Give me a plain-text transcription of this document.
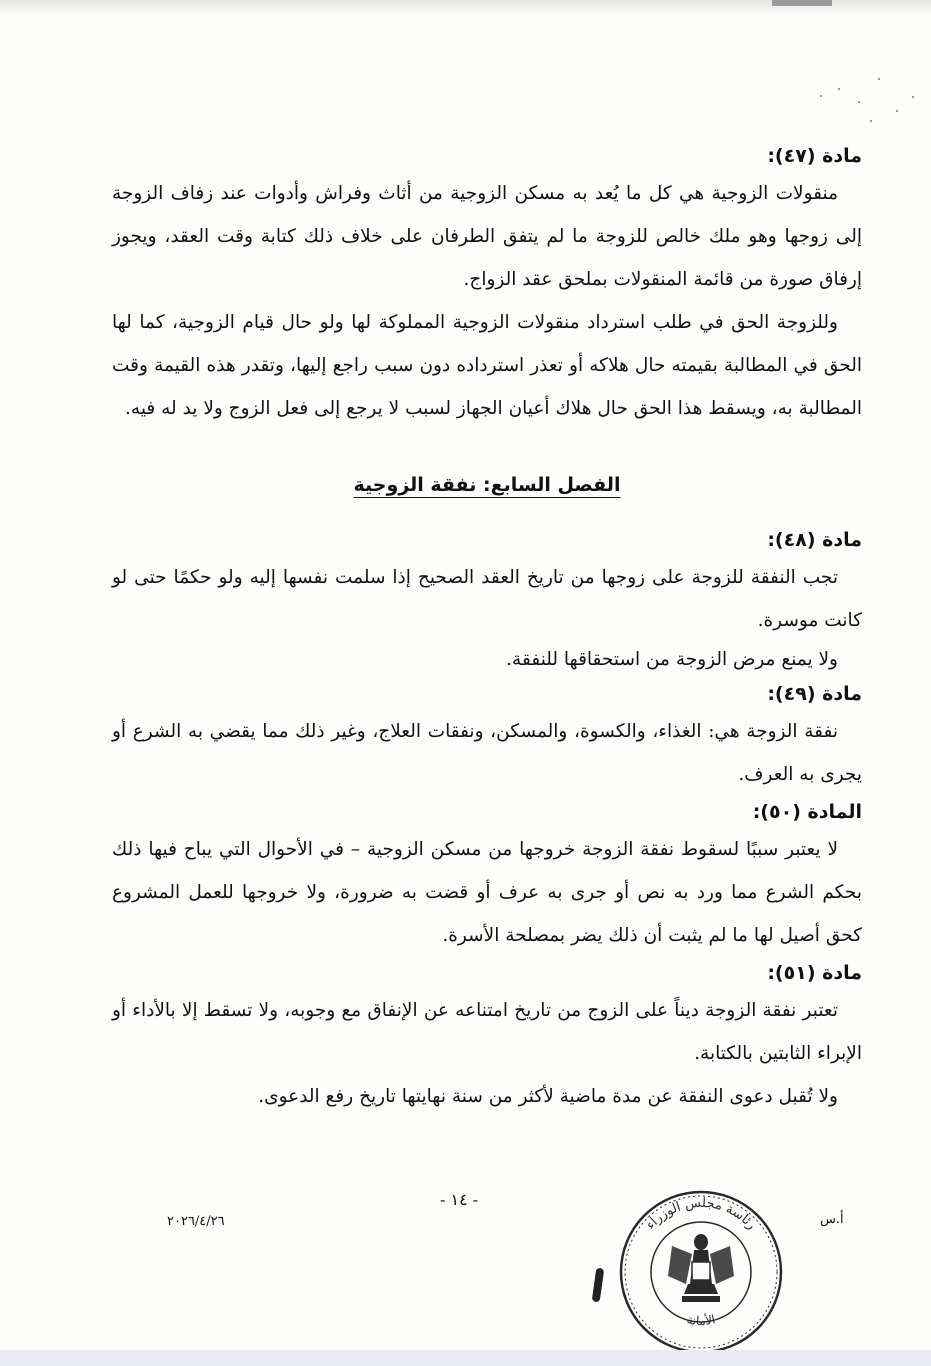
مادة (٤٧):

منقولات الزوجية هي كل ما يُعد به مسكن الزوجية من أثاث وفراش وأدوات عند زفاف الزوجة إلى زوجها وهو ملك خالص للزوجة ما لم يتفق الطرفان على خلاف ذلك كتابة وقت العقد، ويجوز إرفاق صورة من قائمة المنقولات بملحق عقد الزواج.

وللزوجة الحق في طلب استرداد منقولات الزوجية المملوكة لها ولو حال قيام الزوجية، كما لها الحق في المطالبة بقيمته حال هلاكه أو تعذر استرداده دون سبب راجع إليها، وتقدر هذه القيمة وقت المطالبة به، ويسقط هذا الحق حال هلاك أعيان الجهاز لسبب لا يرجع إلى فعل الزوج ولا يد له فيه.

الفصل السابع: نفقة الزوجية
مادة (٤٨):

تجب النفقة للزوجة على زوجها من تاريخ العقد الصحيح إذا سلمت نفسها إليه ولو حكمًا حتى لو كانت موسرة.

ولا يمنع مرض الزوجة من استحقاقها للنفقة.

مادة (٤٩):

نفقة الزوجة هي: الغذاء، والكسوة، والمسكن، ونفقات العلاج، وغير ذلك مما يقضي به الشرع أو يجرى به العرف.

المادة (٥٠):

لا يعتبر سببًا لسقوط نفقة الزوجة خروجها من مسكن الزوجية – في الأحوال التي يباح فيها ذلك بحكم الشرع مما ورد به نص أو جرى به عرف أو قضت به ضرورة، ولا خروجها للعمل المشروع كحق أصيل لها ما لم يثبت أن ذلك يضر بمصلحة الأسرة.

مادة (٥١):

تعتبر نفقة الزوجة ديناً على الزوج من تاريخ امتناعه عن الإنفاق مع وجوبه، ولا تسقط إلا بالأداء أو الإبراء الثابتين بالكتابة.

ولا تُقبل دعوى النفقة عن مدة ماضية لأكثر من سنة نهايتها تاريخ رفع الدعوى.

- ١٤ -
٢٠٢٦/٤/٢٦	أ.س
رئاسة مجلس الوزراء
الأمانة
